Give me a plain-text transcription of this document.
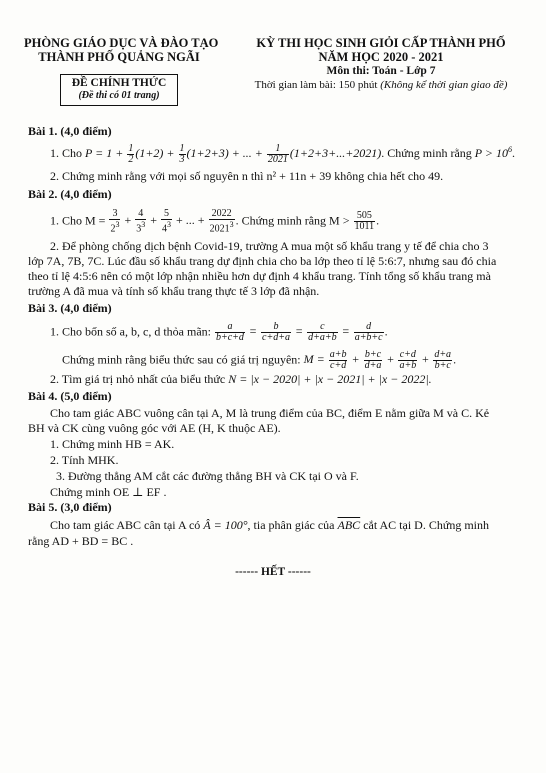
PHÒNG GIÁO DỤC VÀ ĐÀO TẠO
THÀNH PHỐ QUẢNG NGÃI
ĐỀ CHÍNH THỨC
(Đề thi có 01 trang)
KỲ THI HỌC SINH GIỎI CẤP THÀNH PHỐ
NĂM HỌC 2020 - 2021
Môn thi: Toán - Lớp 7
Thời gian làm bài: 150 phút (Không kể thời gian giao đề)
Bài 1. (4,0 điểm)
1. Cho $P = 1 + \frac{1}{2} (1+2) + \frac{1}{3} (1+2+3)$ + ... + $\frac{1}{2021} (1+2+3+...+2021)$. Chứng minh rằng $P > 10^6$.
2. Chứng minh rằng với mọi số nguyên n thì n² + 11n + 39 không chia hết cho 49.
Bài 2. (4,0 điểm)
1. Cho $M = \frac{3}{2^3} + \frac{4}{3^3} + \frac{5}{4^3}$ + ... + $\frac{2022}{2021^3}$ . Chứng minh rằng $M > \frac{505}{1011}$ .
2. Để phòng chống dịch bệnh Covid-19, trường A mua một số khẩu trang y tế để chia cho 3
lớp 7A, 7B, 7C. Lúc đầu số khẩu trang dự định chia cho ba lớp theo tỉ lệ 5:6:7, nhưng sau đó chia
theo tỉ lệ 4:5:6 nên có một lớp nhận nhiều hơn dự định 4 khẩu trang. Tính tổng số khẩu trang mà
trường A đã mua và tính số khẩu trang thực tế 3 lớp đã nhận.
Bài 3. (4,0 điểm)
1. Cho bốn số a, b, c, d thỏa mãn: $\frac{a}{b+c+d} = \frac{b}{c+d+a} = \frac{c}{d+a+b} = \frac{d}{a+b+c}$ .
Chứng minh rằng biểu thức sau có giá trị nguyên: $M = \frac{a+b}{c+d} + \frac{b+c}{d+a} + \frac{c+d}{a+b} + \frac{d+a}{b+c}$ .
2. Tìm giá trị nhỏ nhất của biểu thức N = |x − 2020| + |x − 2021| + |x − 2022|.
Bài 4. (5,0 điểm)
Cho tam giác ABC vuông cân tại A, M là trung điểm của BC, điểm E nằm giữa M và C. Kẻ
BH và CK cùng vuông góc với AE (H, K thuộc AE).
1. Chứng minh HB = AK.
2. Tính MHK.
3. Đường thẳng AM cắt các đường thẳng BH và CK tại O và F.
Chứng minh OE ⊥ EF .
Bài 5. (3,0 điểm)
Cho tam giác ABC cân tại A có Â = 100°, tia phân giác của $\overline{ABC}$ cắt AC tại D. Chứng minh
rằng AD + BD = BC .
------ HẾT ------
